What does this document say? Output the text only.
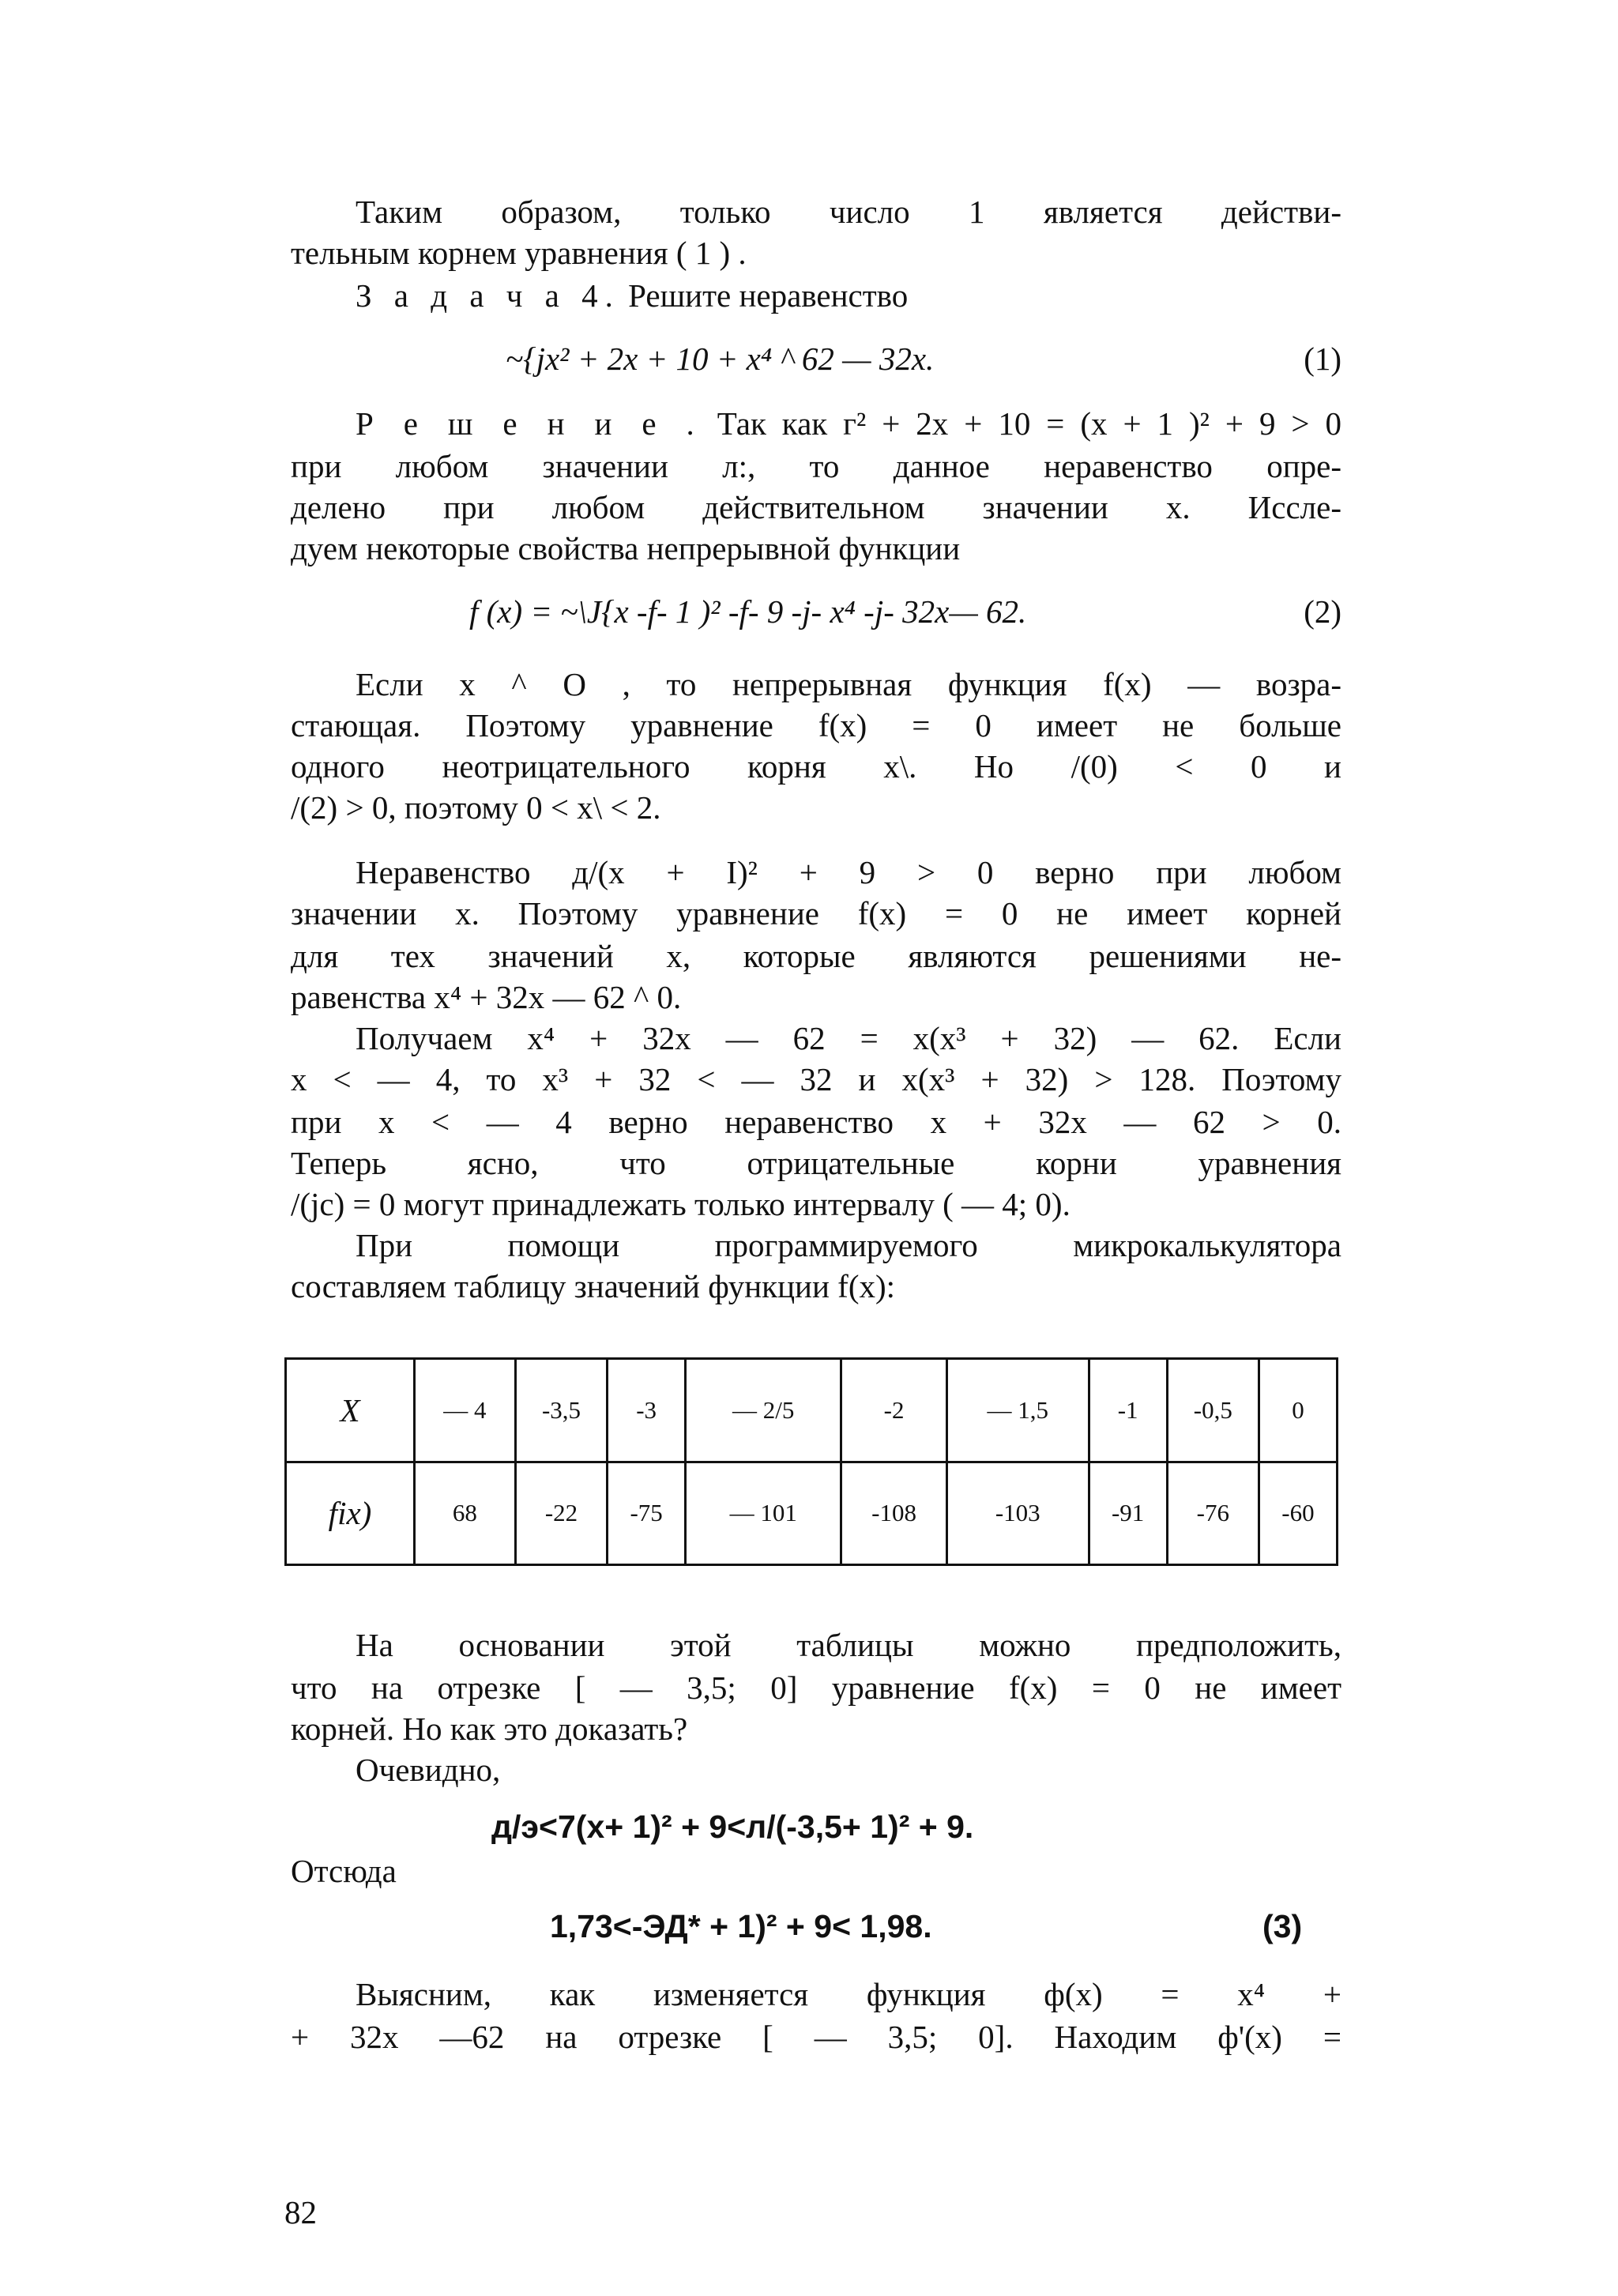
Таким образом, только число 1 является действи-
тельным корнем уравнения ( 1 ) .
З а д а ч а 4. Решите неравенство
~{jx² + 2x + 10 + x⁴ ^ 62 — 32x.	(1)
Р е ш е н и е . Так как г² + 2x + 10 = (x + 1 )² + 9 > 0
при любом значении л:, то данное неравенство опре-
делено при любом действительном значении x. Иссле-
дуем некоторые свойства непрерывной функции
f (x) = ~\J{x -f- 1 )² -f- 9 -j- x⁴ -j- 32x— 62.	(2)
Если x ^ O , то непрерывная функция f(x) — возра-
стающая. Поэтому уравнение f(x) = 0 имеет не больше
одного неотрицательного корня x\. Но /(0) < 0 и
/(2) > 0, поэтому 0 < x\ < 2.
Неравенство д/(x + I)² + 9 > 0 верно при любом
значении x. Поэтому уравнение f(x) = 0 не имеет корней
для тех значений x, которые являются решениями не-
равенства x⁴ + 32x — 62 ^ 0.
Получаем x⁴ + 32x — 62 = x(x³ + 32) — 62. Если
x < — 4, то x³ + 32 < — 32 и x(x³ + 32) > 128. Поэтому
при x < — 4 верно неравенство x + 32x — 62 > 0.
Теперь ясно, что отрицательные корни уравнения
/(jc) = 0 могут принадлежать только интервалу ( — 4; 0).
При помощи программируемого микрокалькулятора
составляем таблицу значений функции f(x):
X	— 4	-3,5	-3	— 2/5	-2	— 1,5	-1	-0,5	0
fix)	68	-22	-75	— 101	-108	-103	-91	-76	-60
На основании этой таблицы можно предположить,
что на отрезке [ — 3,5; 0] уравнение f(x) = 0 не имеет
корней. Но как это доказать?
Очевидно,
д/э<7(x+ 1)² + 9<л/(-3,5+ 1)² + 9.
Отсюда
1,73<-ЭД* + 1)² + 9< 1,98.	(3)
Выясним, как изменяется функция ф(x) = x⁴ +
+ 32x —62 на отрезке [ — 3,5; 0]. Находим ф'(x) =
82
